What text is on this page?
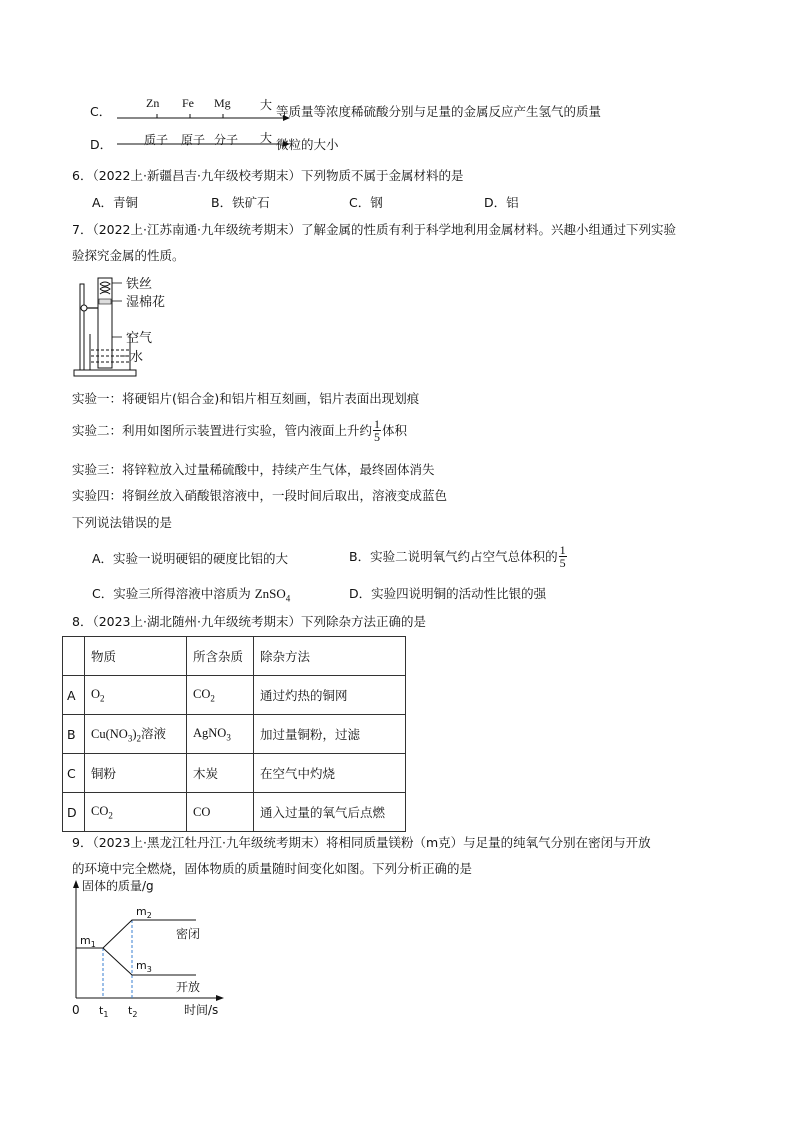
C．
Zn Fe Mg 大 等质量等浓度稀硫酸分别与足量的金属反应产生氢气的质量
D．	质子 原子 分子 大 微粒的大小
6．（2022上·新疆昌吉·九年级校考期末）下列物质不属于金属材料的是
A．青铜	B．铁矿石	C．钢	D．铝
7．（2022上·江苏南通·九年级统考期末）了解金属的性质有利于科学地利用金属材料。兴趣小组通过下列实验
验探究金属的性质。
铁丝
湿棉花
空气
水
实验一：将硬铝片(铝合金)和铝片相互刻画，铝片表面出现划痕
实验二：利用如图所示装置进行实验，管内液面上升约 $\frac{1}{5}$ 体积
实验三：将锌粒放入过量稀硫酸中，持续产生气体，最终固体消失
实验四：将铜丝放入硝酸银溶液中，一段时间后取出，溶液变成蓝色
下列说法错误的是
A．实验一说明硬铝的硬度比铝的大	B．实验二说明氧气约占空气总体积的 $\frac{1}{5}$
C．实验三所得溶液中溶质为 ZnSO$_4$	D．实验四说明铜的活动性比银的强
8．（2023上·湖北随州·九年级统考期末）下列除杂方法正确的是
	物质	所含杂质	除杂方法
A	$O_2$	$CO_2$	通过灼热的铜网
B	$Cu(NO_3)_2$溶液	AgNO$_3$	加过量铜粉，过滤
C	铜粉	木炭	在空气中灼烧
D	$CO_2$	CO	通入过量的氧气后点燃
9．（2023上·黑龙江牡丹江·九年级统考期末）将相同质量镁粉（m克）与足量的纯氧气分别在密闭与开放
的环境中完全燃烧，固体物质的质量随时间变化如图。下列分析正确的是
固体的质量/g
时间/s
0 $t_1$ $t_2$
$m_1$
$m_2$
$m_3$
密闭
开放
